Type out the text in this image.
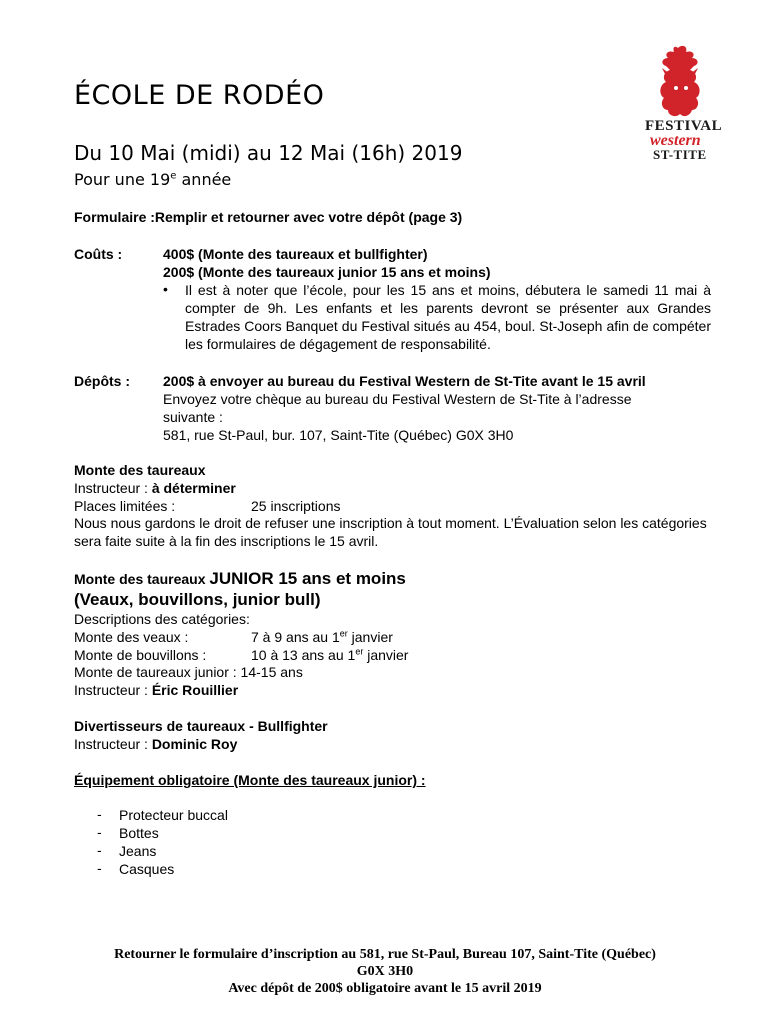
FESTIVAL
western
ST-TITE
ÉCOLE DE RODÉO
Du 10 Mai (midi) au 12 Mai (16h) 2019
Pour une 19e année
Formulaire :Remplir et retourner avec votre dépôt (page 3)
Coûts :	400$ (Monte des taureaux et bullfighter)
200$ (Monte des taureaux junior 15 ans et moins)
• Il est à noter que l’école, pour les 15 ans et moins, débutera le samedi 11 mai à compter de 9h. Les enfants et les parents devront se présenter aux Grandes Estrades Coors Banquet du Festival situés au 454, boul. St-Joseph afin de compéter les formulaires de dégagement de responsabilité.
Dépôts : 200$ à envoyer au bureau du Festival Western de St-Tite avant le 15 avril
Envoyez votre chèque au bureau du Festival Western de St-Tite à l’adresse suivante :
581, rue St-Paul, bur. 107, Saint-Tite (Québec) G0X 3H0
Monte des taureaux
Instructeur : à déterminer
Places limitées :	25 inscriptions
Nous nous gardons le droit de refuser une inscription à tout moment. L’Évaluation selon les catégories sera faite suite à la fin des inscriptions le 15 avril.
Monte des taureaux JUNIOR 15 ans et moins
(Veaux, bouvillons, junior bull)
Descriptions des catégories:
Monte des veaux :	7 à 9 ans au 1er janvier
Monte de bouvillons :	10 à 13 ans au 1er janvier
Monte de taureaux junior : 14-15 ans
Instructeur : Éric Rouillier
Divertisseurs de taureaux - Bullfighter
Instructeur : Dominic Roy
Équipement obligatoire (Monte des taureaux junior) :
- Protecteur buccal
- Bottes
- Jeans
- Casques
Retourner le formulaire d’inscription au 581, rue St-Paul, Bureau 107, Saint-Tite (Québec)
G0X 3H0
Avec dépôt de 200$ obligatoire avant le 15 avril 2019
